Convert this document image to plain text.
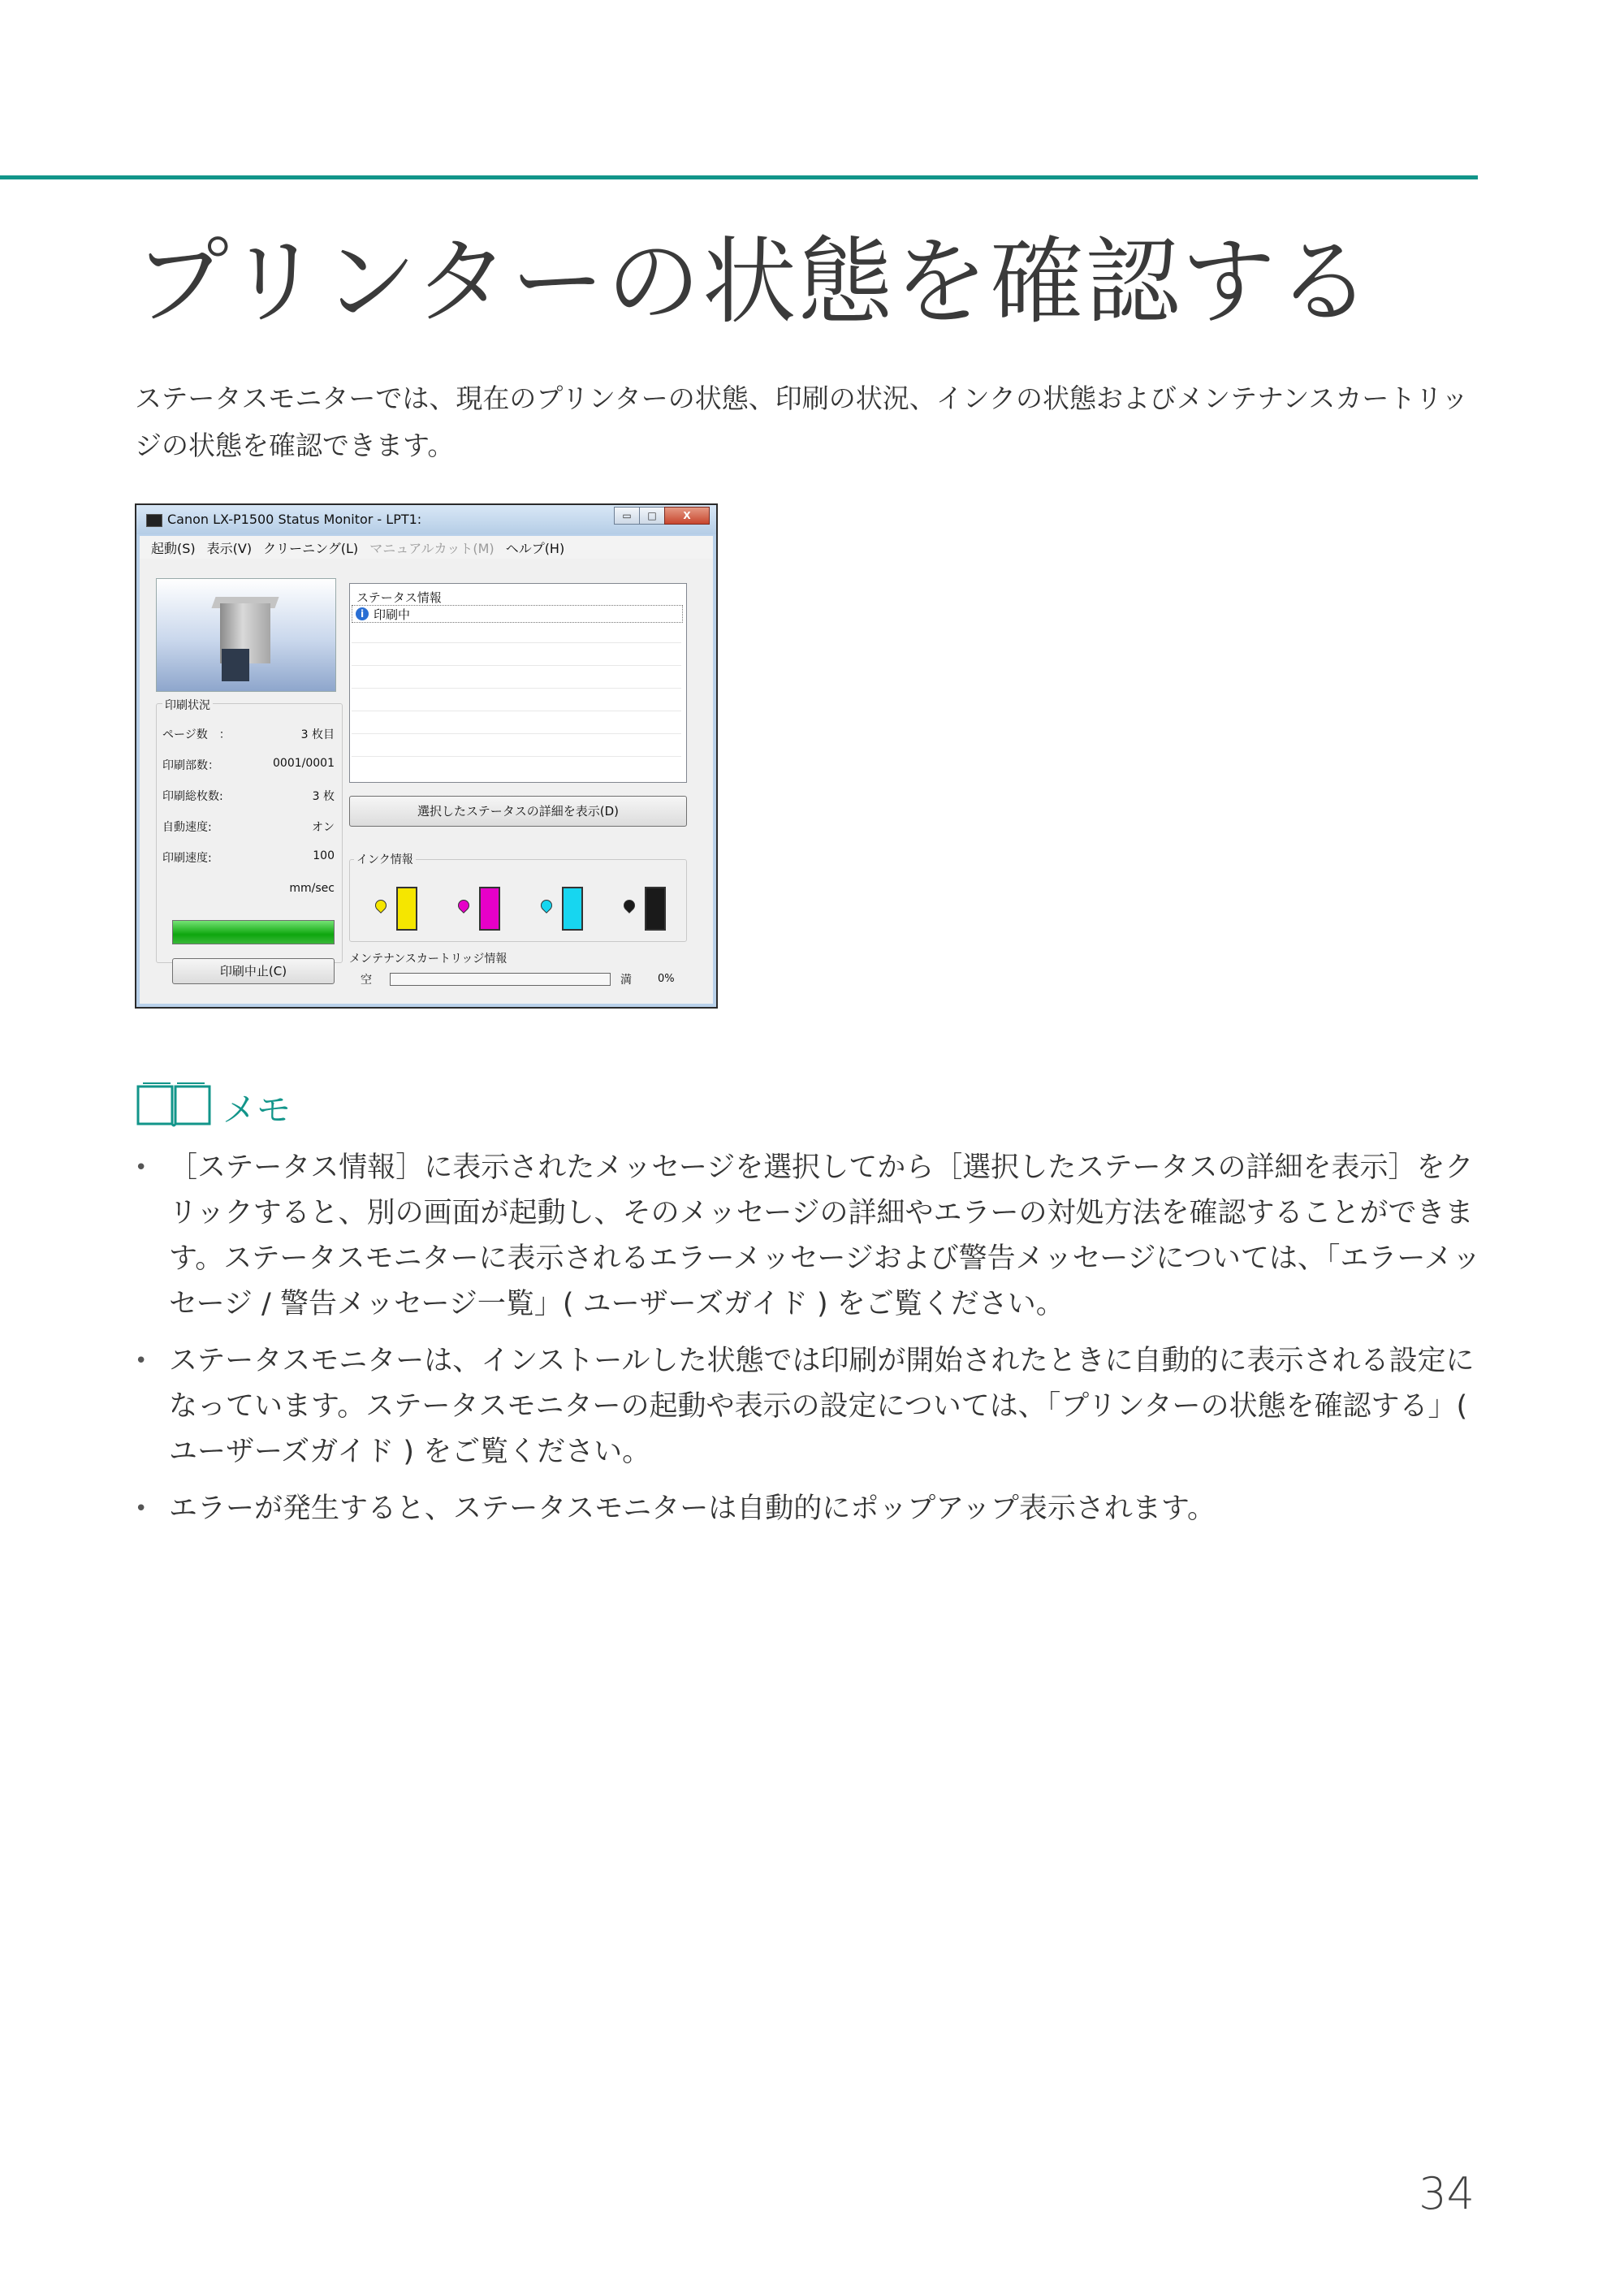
プリンターの状態を確認する
ステータスモニターでは、現在のプリンターの状態、印刷の状況、インクの状態およびメンテナンスカートリッジの状態を確認できます。
Canon LX-P1500 Status Monitor - LPT1:	▭	□	X
起動(S) 表示(V) クリーニング(L) マニュアルカット(M) ヘルプ(H)
印刷状況
ページ数　：	3 枚目
印刷部数：	0001/0001
印刷総枚数:	3 枚
自動速度:	オン
印刷速度:	100
mm/sec
印刷中止(C)
ステータス情報
i 印刷中
選択したステータスの詳細を表示(D)
インク情報
メンテナンスカートリッジ情報
空	満 0%
メモ
• ［ステータス情報］に表示されたメッセージを選択してから［選択したステータスの詳細を表示］をクリックすると、別の画面が起動し、そのメッセージの詳細やエラーの対処方法を確認することができます。ステータスモニターに表示されるエラーメッセージおよび警告メッセージについては、「エラーメッセージ / 警告メッセージ一覧」( ユーザーズガイド ) をご覧ください。
• ステータスモニターは、インストールした状態では印刷が開始されたときに自動的に表示される設定になっています。ステータスモニターの起動や表示の設定については、「プリンターの状態を確認する」( ユーザーズガイド ) をご覧ください。
• エラーが発生すると、ステータスモニターは自動的にポップアップ表示されます。
34
